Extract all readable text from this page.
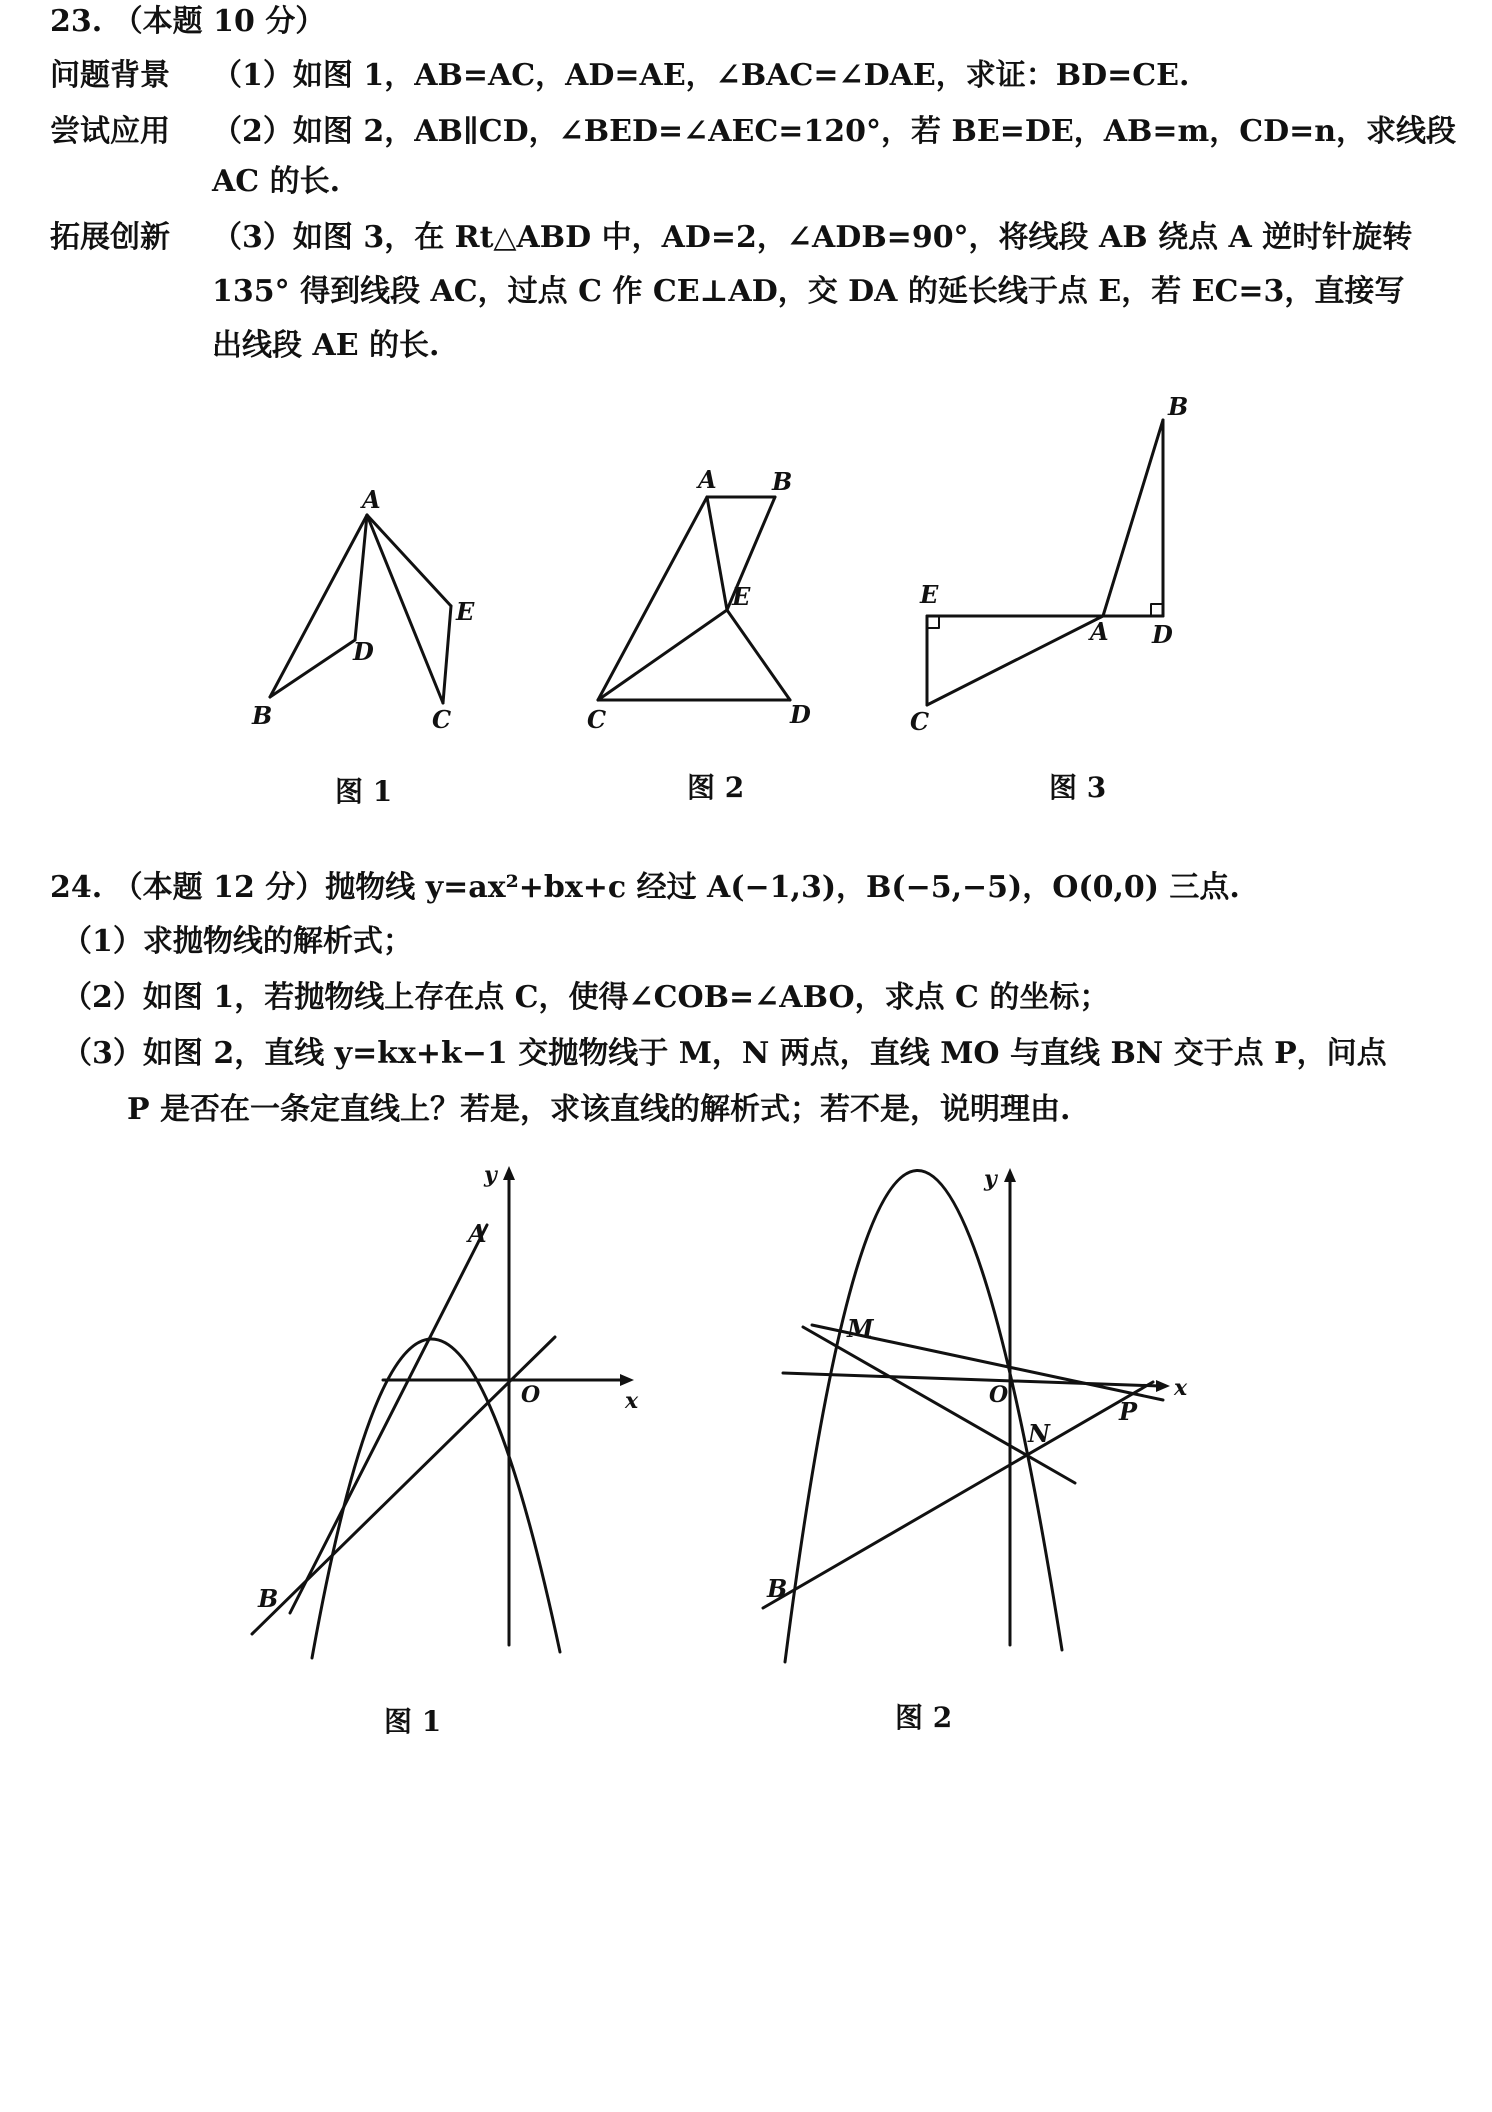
23. （本题 10 分）
问题背景 （1）如图 1，AB=AC，AD=AE，∠BAC=∠DAE，求证：BD=CE.
尝试应用 （2）如图 2，AB∥CD，∠BED=∠AEC=120°，若 BE=DE，AB=m，CD=n，求线段
AC 的长.
拓展创新 （3）如图 3，在 Rt△ABD 中，AD=2，∠ADB=90°，将线段 AB 绕点 A 逆时针旋转
135° 得到线段 AC，过点 C 作 CE⊥AD，交 DA 的延长线于点 E，若 EC=3，直接写
出线段 AE 的长.
A
B	C
D
E
图 1
A B
C	D
E
图 2
A
B
C
D
E
图 3
24. （本题 12 分）抛物线 y=ax²+bx+c 经过 A(−1,3)，B(−5,−5)，O(0,0) 三点.
（1）求抛物线的解析式；
（2）如图 1，若抛物线上存在点 C，使得∠COB=∠ABO，求点 C 的坐标；
（3）如图 2，直线 y=kx+k−1 交抛物线于 M，N 两点，直线 MO 与直线 BN 交于点 P，问点
P 是否在一条定直线上？若是，求该直线的解析式；若不是，说明理由.
y
x
O
A
B
图 1
y
x
O
M
N
P
B
图 2
